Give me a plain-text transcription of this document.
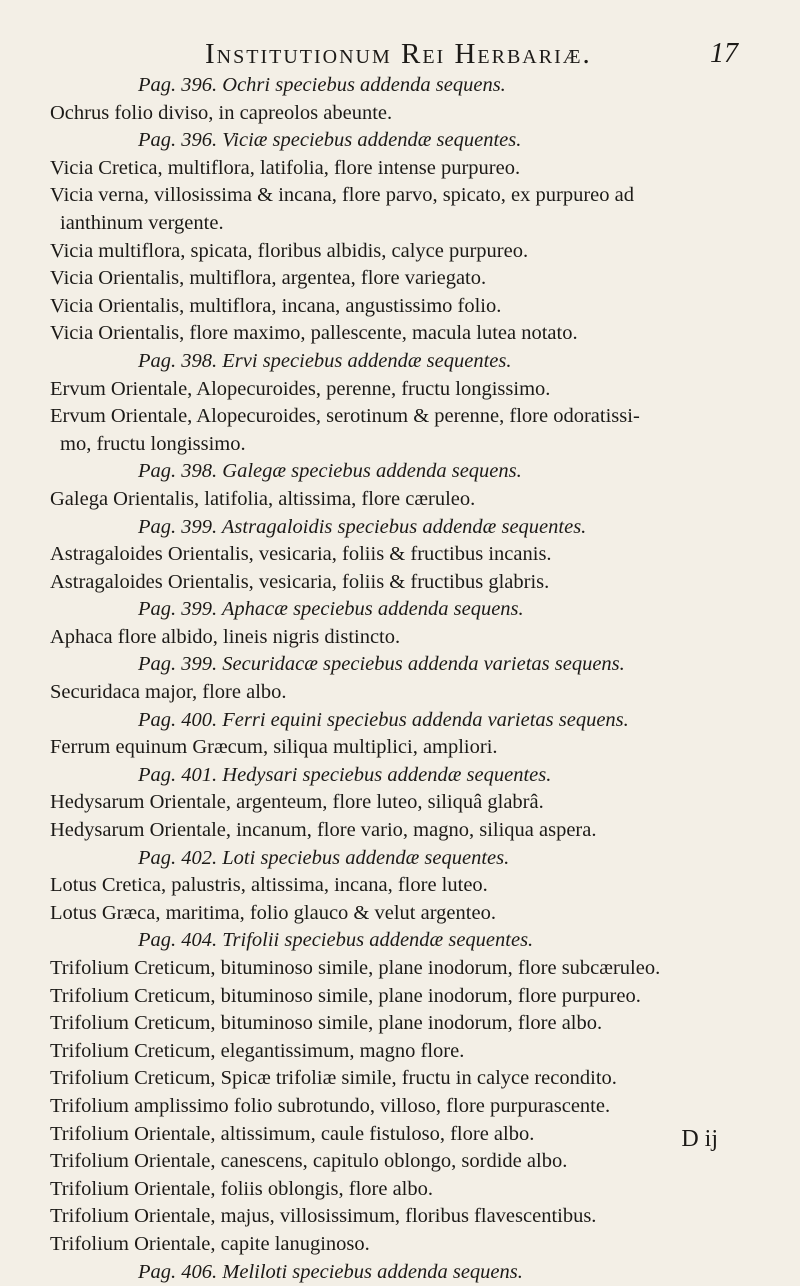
Institutionum Rei Herbariæ.	17
Pag. 396. Ochri speciebus addenda sequens.
Ochrus folio diviso, in capreolos abeunte.
Pag. 396. Viciæ speciebus addendæ sequentes.
Vicia Cretica, multiflora, latifolia, flore intense purpureo.
Vicia verna, villosissima & incana, flore parvo, spicato, ex purpureo ad
ianthinum vergente.
Vicia multiflora, spicata, floribus albidis, calyce purpureo.
Vicia Orientalis, multiflora, argentea, flore variegato.
Vicia Orientalis, multiflora, incana, angustissimo folio.
Vicia Orientalis, flore maximo, pallescente, macula lutea notato.
Pag. 398. Ervi speciebus addendæ sequentes.
Ervum Orientale, Alopecuroides, perenne, fructu longissimo.
Ervum Orientale, Alopecuroides, serotinum & perenne, flore odoratissi-
mo, fructu longissimo.
Pag. 398. Galegæ speciebus addenda sequens.
Galega Orientalis, latifolia, altissima, flore cæruleo.
Pag. 399. Astragaloidis speciebus addendæ sequentes.
Astragaloides Orientalis, vesicaria, foliis & fructibus incanis.
Astragaloides Orientalis, vesicaria, foliis & fructibus glabris.
Pag. 399. Aphacæ speciebus addenda sequens.
Aphaca flore albido, lineis nigris distincto.
Pag. 399. Securidacæ speciebus addenda varietas sequens.
Securidaca major, flore albo.
Pag. 400. Ferri equini speciebus addenda varietas sequens.
Ferrum equinum Græcum, siliqua multiplici, ampliori.
Pag. 401. Hedysari speciebus addendæ sequentes.
Hedysarum Orientale, argenteum, flore luteo, siliquâ glabrâ.
Hedysarum Orientale, incanum, flore vario, magno, siliqua aspera.
Pag. 402. Loti speciebus addendæ sequentes.
Lotus Cretica, palustris, altissima, incana, flore luteo.
Lotus Græca, maritima, folio glauco & velut argenteo.
Pag. 404. Trifolii speciebus addendæ sequentes.
Trifolium Creticum, bituminoso simile, plane inodorum, flore subcæruleo.
Trifolium Creticum, bituminoso simile, plane inodorum, flore purpureo.
Trifolium Creticum, bituminoso simile, plane inodorum, flore albo.
Trifolium Creticum, elegantissimum, magno flore.
Trifolium Creticum, Spicæ trifoliæ simile, fructu in calyce recondito.
Trifolium amplissimo folio subrotundo, villoso, flore purpurascente.
Trifolium Orientale, altissimum, caule fistuloso, flore albo.
Trifolium Orientale, canescens, capitulo oblongo, sordide albo.
Trifolium Orientale, foliis oblongis, flore albo.
Trifolium Orientale, majus, villosissimum, floribus flavescentibus.
Trifolium Orientale, capite lanuginoso.
Pag. 406. Meliloti speciebus addenda sequens.
D ij
